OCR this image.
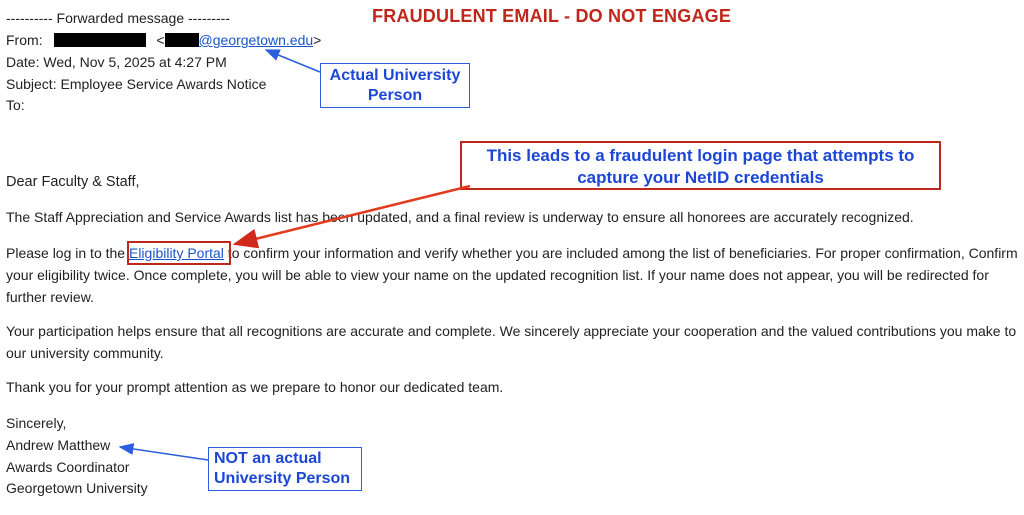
---------- Forwarded message ---------
From:	< @georgetown.edu>
Date: Wed, Nov 5, 2025 at 4:27 PM
Subject: Employee Service Awards Notice
To:
FRAUDULENT EMAIL - DO NOT ENGAGE
Actual University Person
This leads to a fraudulent login page that attempts to
capture your NetID credentials
Dear Faculty & Staff,
The Staff Appreciation and Service Awards list has been updated, and a final review is underway to ensure all honorees are accurately recognized.
Please log in to the Eligibility Portal to confirm your information and verify whether you are included among the list of beneficiaries. For proper confirmation, Confirm your eligibility twice. Once complete, you will be able to view your name on the updated recognition list. If your name does not appear, you will be redirected for further review.
Your participation helps ensure that all recognitions are accurate and complete. We sincerely appreciate your cooperation and the valued contributions you make to our university community.
Thank you for your prompt attention as we prepare to honor our dedicated team.
Sincerely,
Andrew Matthew
Awards Coordinator
Georgetown University
NOT an actual
University Person
